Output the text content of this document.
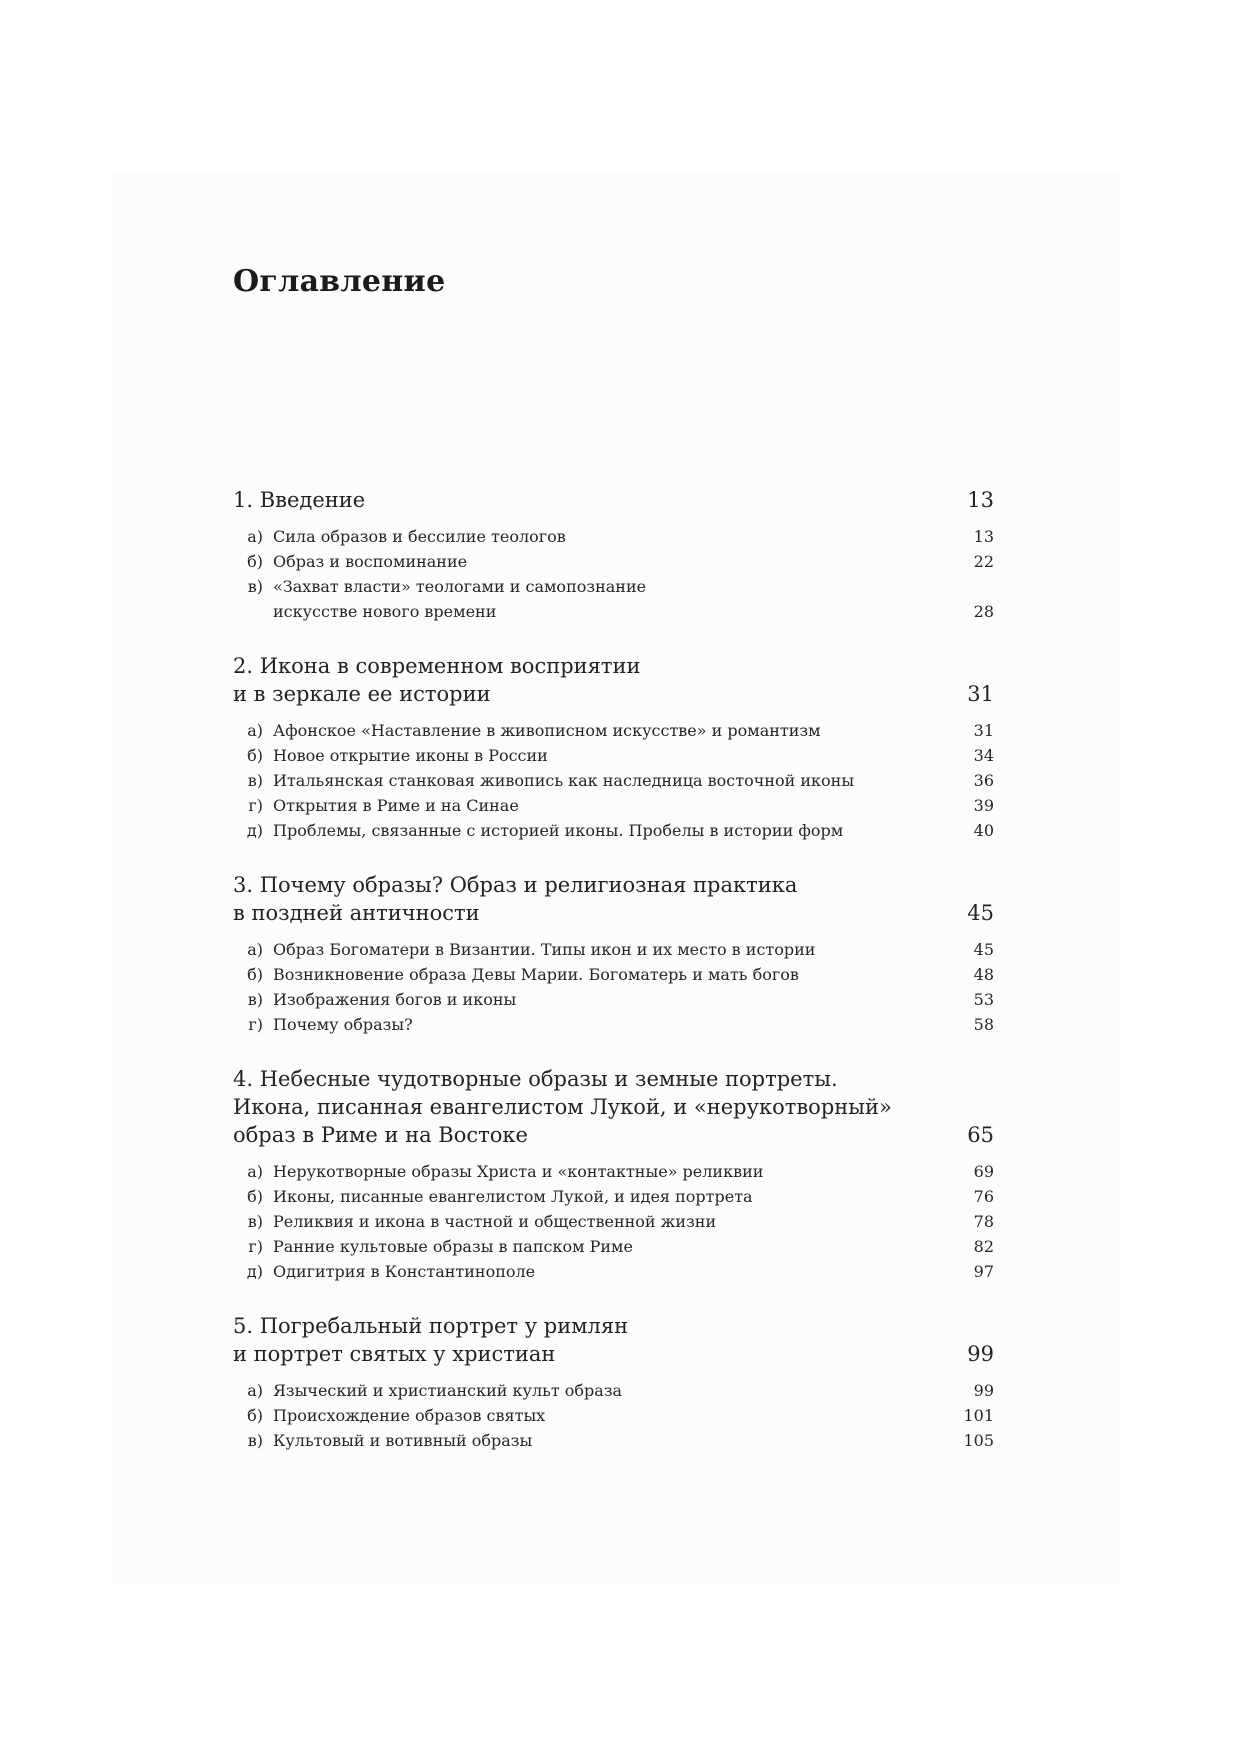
Оглавление
1. Введение	13
а) Сила образов и бессилие теологов	13
б) Образ и воспоминание	22
в) «Захват власти» теологами и самопознание
искусстве нового времени	28
2. Икона в современном восприятии
и в зеркале ее истории	31
а) Афонское «Наставление в живописном искусстве» и романтизм	31
б) Новое открытие иконы в России	34
в) Итальянская станковая живопись как наследница восточной иконы	36
г) Открытия в Риме и на Синае	39
д) Проблемы, связанные с историей иконы. Пробелы в истории форм	40
3. Почему образы? Образ и религиозная практика
в поздней античности	45
а) Образ Богоматери в Византии. Типы икон и их место в истории	45
б) Возникновение образа Девы Марии. Богоматерь и мать богов	48
в) Изображения богов и иконы	53
г) Почему образы?	58
4. Небесные чудотворные образы и земные портреты.
Икона, писанная евангелистом Лукой, и «нерукотворный»
образ в Риме и на Востоке	65
а) Нерукотворные образы Христа и «контактные» реликвии	69
б) Иконы, писанные евангелистом Лукой, и идея портрета	76
в) Реликвия и икона в частной и общественной жизни	78
г) Ранние культовые образы в папском Риме	82
д) Одигитрия в Константинополе	97
5. Погребальный портрет у римлян
и портрет святых у христиан	99
а) Языческий и христианский культ образа	99
б) Происхождение образов святых	101
в) Культовый и вотивный образы	105
